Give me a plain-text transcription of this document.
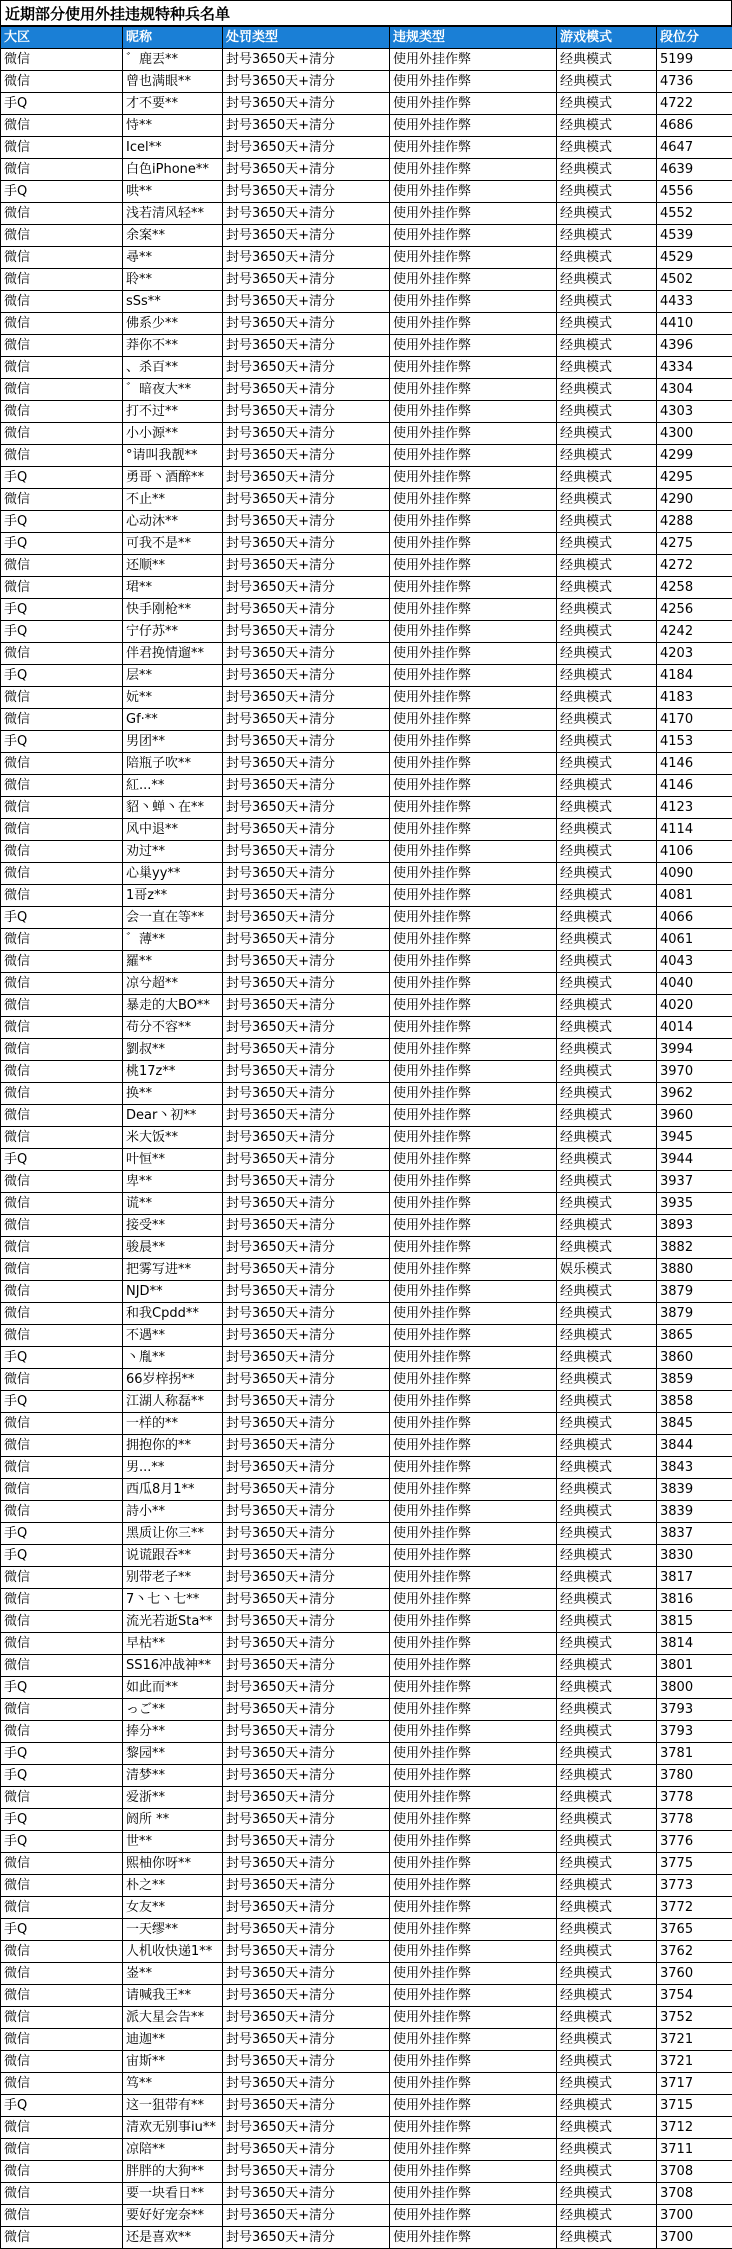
近期部分使用外挂违规特种兵名单
大区	昵称	处罚类型	违规类型	游戏模式	段位分
微信	゛鹿丟**	封号3650天+清分	使用外挂作弊	经典模式	5199
微信	曾也满眼**	封号3650天+清分	使用外挂作弊	经典模式	4736
手Q	才不要**	封号3650天+清分	使用外挂作弊	经典模式	4722
微信	恃**	封号3650天+清分	使用外挂作弊	经典模式	4686
微信	Icel**	封号3650天+清分	使用外挂作弊	经典模式	4647
微信	白色iPhone**	封号3650天+清分	使用外挂作弊	经典模式	4639
手Q	哄**	封号3650天+清分	使用外挂作弊	经典模式	4556
微信	浅若清风轻**	封号3650天+清分	使用外挂作弊	经典模式	4552
微信	余案**	封号3650天+清分	使用外挂作弊	经典模式	4539
微信	尋**	封号3650天+清分	使用外挂作弊	经典模式	4529
微信	聆**	封号3650天+清分	使用外挂作弊	经典模式	4502
微信	sSs**	封号3650天+清分	使用外挂作弊	经典模式	4433
微信	佛系少**	封号3650天+清分	使用外挂作弊	经典模式	4410
微信	莽你不**	封号3650天+清分	使用外挂作弊	经典模式	4396
微信	、杀百**	封号3650天+清分	使用外挂作弊	经典模式	4334
微信	゛暗夜大**	封号3650天+清分	使用外挂作弊	经典模式	4304
微信	打不过**	封号3650天+清分	使用外挂作弊	经典模式	4303
微信	小小源**	封号3650天+清分	使用外挂作弊	经典模式	4300
微信	°请叫我靓**	封号3650天+清分	使用外挂作弊	经典模式	4299
手Q	勇哥丶酒醉**	封号3650天+清分	使用外挂作弊	经典模式	4295
微信	不止**	封号3650天+清分	使用外挂作弊	经典模式	4290
手Q	心动沐**	封号3650天+清分	使用外挂作弊	经典模式	4288
手Q	可我不是**	封号3650天+清分	使用外挂作弊	经典模式	4275
微信	还顺**	封号3650天+清分	使用外挂作弊	经典模式	4272
微信	珺**	封号3650天+清分	使用外挂作弊	经典模式	4258
手Q	快手刚枪**	封号3650天+清分	使用外挂作弊	经典模式	4256
手Q	宁仔苏**	封号3650天+清分	使用外挂作弊	经典模式	4242
微信	伴君挽情遛**	封号3650天+清分	使用外挂作弊	经典模式	4203
手Q	层**	封号3650天+清分	使用外挂作弊	经典模式	4184
微信	妧**	封号3650天+清分	使用外挂作弊	经典模式	4183
微信	Gf·**	封号3650天+清分	使用外挂作弊	经典模式	4170
手Q	男团**	封号3650天+清分	使用外挂作弊	经典模式	4153
微信	陪瓶子吹**	封号3650天+清分	使用外挂作弊	经典模式	4146
微信	紅...**	封号3650天+清分	使用外挂作弊	经典模式	4146
微信	貂丶蝉丶在**	封号3650天+清分	使用外挂作弊	经典模式	4123
微信	风中退**	封号3650天+清分	使用外挂作弊	经典模式	4114
微信	劝过**	封号3650天+清分	使用外挂作弊	经典模式	4106
微信	心巢yy**	封号3650天+清分	使用外挂作弊	经典模式	4090
微信	1哥z**	封号3650天+清分	使用外挂作弊	经典模式	4081
手Q	会一直在等**	封号3650天+清分	使用外挂作弊	经典模式	4066
微信	゛薄**	封号3650天+清分	使用外挂作弊	经典模式	4061
微信	羅**	封号3650天+清分	使用外挂作弊	经典模式	4043
微信	凉兮超**	封号3650天+清分	使用外挂作弊	经典模式	4040
微信	暴走的大BO**	封号3650天+清分	使用外挂作弊	经典模式	4020
微信	苟分不容**	封号3650天+清分	使用外挂作弊	经典模式	4014
微信	劉叔**	封号3650天+清分	使用外挂作弊	经典模式	3994
微信	桃17z**	封号3650天+清分	使用外挂作弊	经典模式	3970
微信	换**	封号3650天+清分	使用外挂作弊	经典模式	3962
微信	Dear丶初**	封号3650天+清分	使用外挂作弊	经典模式	3960
微信	米大饭**	封号3650天+清分	使用外挂作弊	经典模式	3945
手Q	叶恒**	封号3650天+清分	使用外挂作弊	经典模式	3944
微信	卑**	封号3650天+清分	使用外挂作弊	经典模式	3937
微信	谎**	封号3650天+清分	使用外挂作弊	经典模式	3935
微信	接受**	封号3650天+清分	使用外挂作弊	经典模式	3893
微信	骏晨**	封号3650天+清分	使用外挂作弊	经典模式	3882
微信	把雾写进**	封号3650天+清分	使用外挂作弊	娱乐模式	3880
微信	NJD**	封号3650天+清分	使用外挂作弊	经典模式	3879
微信	和我Cpdd**	封号3650天+清分	使用外挂作弊	经典模式	3879
微信	不遇**	封号3650天+清分	使用外挂作弊	经典模式	3865
手Q	丶胤**	封号3650天+清分	使用外挂作弊	经典模式	3860
微信	66岁梓拐**	封号3650天+清分	使用外挂作弊	经典模式	3859
手Q	江湖人称磊**	封号3650天+清分	使用外挂作弊	经典模式	3858
微信	一样的**	封号3650天+清分	使用外挂作弊	经典模式	3845
微信	拥抱你的**	封号3650天+清分	使用外挂作弊	经典模式	3844
微信	男...**	封号3650天+清分	使用外挂作弊	经典模式	3843
微信	西瓜8月1**	封号3650天+清分	使用外挂作弊	经典模式	3839
微信	詩小**	封号3650天+清分	使用外挂作弊	经典模式	3839
手Q	黑质让你三**	封号3650天+清分	使用外挂作弊	经典模式	3837
手Q	说谎跟吞**	封号3650天+清分	使用外挂作弊	经典模式	3830
微信	别带老子**	封号3650天+清分	使用外挂作弊	经典模式	3817
微信	7丶七丶七**	封号3650天+清分	使用外挂作弊	经典模式	3816
微信	流光若逝Sta**	封号3650天+清分	使用外挂作弊	经典模式	3815
微信	早枯**	封号3650天+清分	使用外挂作弊	经典模式	3814
微信	SS16冲战神**	封号3650天+清分	使用外挂作弊	经典模式	3801
手Q	如此而**	封号3650天+清分	使用外挂作弊	经典模式	3800
微信	っご**	封号3650天+清分	使用外挂作弊	经典模式	3793
微信	捧分**	封号3650天+清分	使用外挂作弊	经典模式	3793
手Q	黎园**	封号3650天+清分	使用外挂作弊	经典模式	3781
手Q	清梦**	封号3650天+清分	使用外挂作弊	经典模式	3780
微信	爱浙**	封号3650天+清分	使用外挂作弊	经典模式	3778
手Q	阏所 **	封号3650天+清分	使用外挂作弊	经典模式	3778
手Q	世**	封号3650天+清分	使用外挂作弊	经典模式	3776
微信	熙柚你呀**	封号3650天+清分	使用外挂作弊	经典模式	3775
微信	朴之**	封号3650天+清分	使用外挂作弊	经典模式	3773
微信	女友**	封号3650天+清分	使用外挂作弊	经典模式	3772
手Q	一天缪**	封号3650天+清分	使用外挂作弊	经典模式	3765
微信	人机收快递1**	封号3650天+清分	使用外挂作弊	经典模式	3762
微信	崟**	封号3650天+清分	使用外挂作弊	经典模式	3760
微信	请喊我王**	封号3650天+清分	使用外挂作弊	经典模式	3754
微信	派大星会告**	封号3650天+清分	使用外挂作弊	经典模式	3752
微信	迪迦**	封号3650天+清分	使用外挂作弊	经典模式	3721
微信	宙斯**	封号3650天+清分	使用外挂作弊	经典模式	3721
微信	笃**	封号3650天+清分	使用外挂作弊	经典模式	3717
手Q	这一狙带有**	封号3650天+清分	使用外挂作弊	经典模式	3715
微信	清欢无别事iu**	封号3650天+清分	使用外挂作弊	经典模式	3712
微信	凉陪**	封号3650天+清分	使用外挂作弊	经典模式	3711
微信	胖胖的大狗**	封号3650天+清分	使用外挂作弊	经典模式	3708
微信	要一块看日**	封号3650天+清分	使用外挂作弊	经典模式	3708
微信	要好好宠奈**	封号3650天+清分	使用外挂作弊	经典模式	3700
微信	还是喜欢**	封号3650天+清分	使用外挂作弊	经典模式	3700
